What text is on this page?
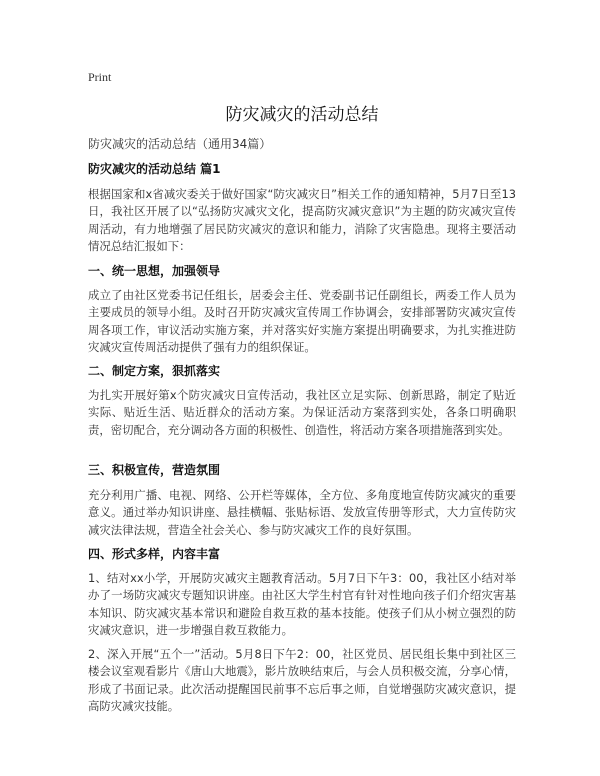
Print
防灾减灾的活动总结
防灾减灾的活动总结（通用34篇）
防灾减灾的活动总结 篇1

根据国家和x省减灾委关于做好国家“防灾减灾日”相关工作的通知精神，5月7日至13日，我社区开展了以“弘扬防灾减灾文化，提高防灾减灾意识”为主题的防灾减灾宣传周活动，有力地增强了居民防灾减灾的意识和能力，消除了灾害隐患。现将主要活动情况总结汇报如下：

一、统一思想，加强领导

成立了由社区党委书记任组长，居委会主任、党委副书记任副组长，两委工作人员为主要成员的领导小组。及时召开防灾减灾宣传周工作协调会，安排部署防灾减灾宣传周各项工作，审议活动实施方案，并对落实好实施方案提出明确要求，为扎实推进防灾减灾宣传周活动提供了强有力的组织保证。

二、制定方案，狠抓落实

为扎实开展好第x个防灾减灾日宣传活动，我社区立足实际、创新思路，制定了贴近实际、贴近生活、贴近群众的活动方案。为保证活动方案落到实处，各条口明确职责，密切配合，充分调动各方面的积极性、创造性，将活动方案各项措施落到实处。

三、积极宣传，营造氛围

充分利用广播、电视、网络、公开栏等媒体，全方位、多角度地宣传防灾减灾的重要意义。通过举办知识讲座、悬挂横幅、张贴标语、发放宣传册等形式，大力宣传防灾减灾法律法规，营造全社会关心、参与防灾减灾工作的良好氛围。

四、形式多样，内容丰富

1、结对xx小学，开展防灾减灾主题教育活动。5月7日下午3：00，我社区小结对举办了一场防灾减灾专题知识讲座。由社区大学生村官有针对性地向孩子们介绍灾害基本知识、防灾减灾基本常识和避险自救互救的基本技能。使孩子们从小树立强烈的防灾减灾意识，进一步增强自救互救能力。

2、深入开展“五个一”活动。5月8日下午2：00，社区党员、居民组长集中到社区三楼会议室观看影片《唐山大地震》，影片放映结束后，与会人员积极交流，分享心情，形成了书面记录。此次活动提醒国民前事不忘后事之师，自觉增强防灾减灾意识，提高防灾减灾技能。
